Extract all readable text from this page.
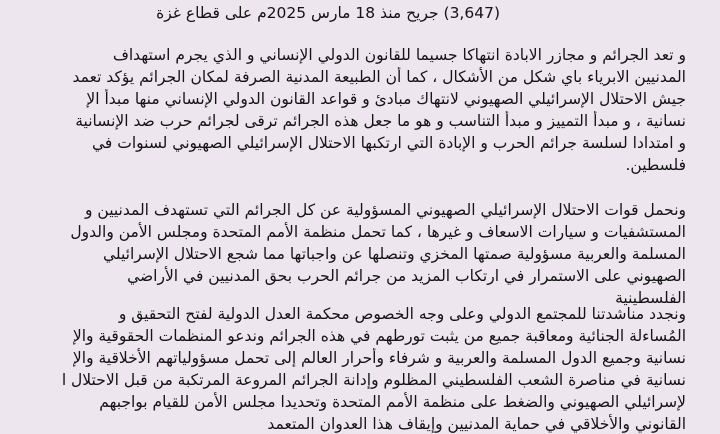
(3,647) جريح منذ 18 مارس 2025م على قطاع غزة
و تعد الجرائم و مجازر الابادة انتهاكا جسيما للقانون الدولي الإنساني و الذي يجرم استهداف
المدنيين الابرياء باي شكل من الأشكال ، كما أن الطبيعة المدنية الصرفة لمكان الجرائم يؤكد تعمد
جيش الاحتلال الإسرائيلي الصهيوني لانتهاك مبادئ و قواعد القانون الدولي الإنساني منها مبدأ الإ
نسانية ، و مبدأ التمييز و مبدأ التناسب و هو ما جعل هذه الجرائم ترقى لجرائم حرب ضد الإنسانية
و امتدادا لسلسة جرائم الحرب و الإبادة التي ارتكبها الاحتلال الإسرائيلي الصهيوني لسنوات في
فلسطين.
ونحمل قوات الاحتلال الإسرائيلي الصهيوني المسؤولية عن كل الجرائم التي تستهدف المدنيين و
المستشفيات و سيارات الاسعاف و غيرها ، كما تحمل منظمة الأمم المتحدة ومجلس الأمن والدول
المسلمة والعربية مسؤولية صمتها المخزي وتنصلها عن واجباتها مما شجع الاحتلال الإسرائيلي
الصهيوني على الاستمرار في ارتكاب المزيد من جرائم الحرب بحق المدنيين في الأراضي
الفلسطينية
ونجدد مناشدتنا للمجتمع الدولي وعلى وجه الخصوص محكمة العدل الدولية لفتح التحقيق و
المُساءلة الجنائية ومعاقبة جميع من يثبت تورطهم في هذه الجرائم وندعو المنظمات الحقوقية والإ
نسانية وجميع الدول المسلمة والعربية و شرفاء وأحرار العالم إلى تحمل مسؤولياتهم الأخلاقية والإ
نسانية في مناصرة الشعب الفلسطيني المظلوم وإدانة الجرائم المروعة المرتكبة من قبل الاحتلال ا
لإسرائيلي الصهيوني والضغط على منظمة الأمم المتحدة وتحديدا مجلس الأمن للقيام بواجبهم
القانوني والأخلاقي في حماية المدنيين وإيقاف هذا العدوان المتعمد
